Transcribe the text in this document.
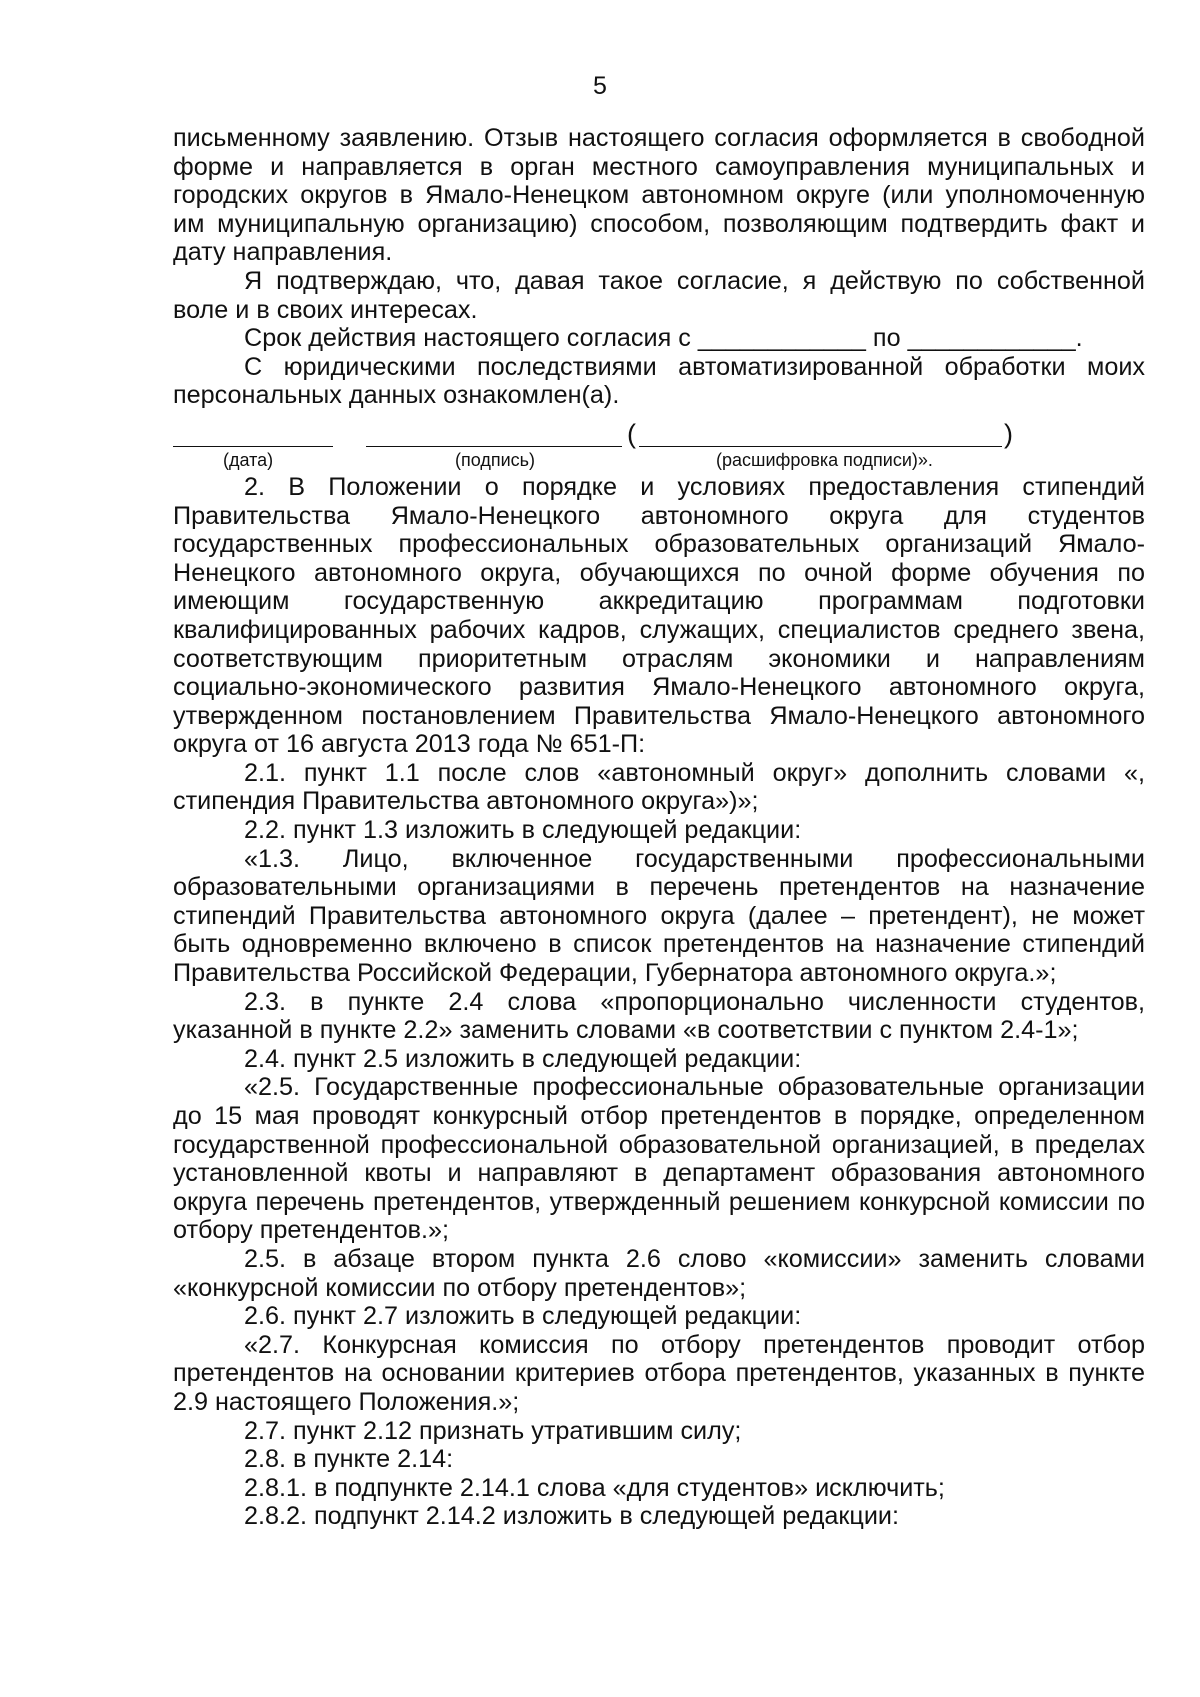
5

письменному заявлению. Отзыв настоящего согласия оформляется в свободной форме и направляется в орган местного самоуправления муниципальных и городских округов в Ямало-Ненецком автономном округе (или уполномоченную им муниципальную организацию) способом, позволяющим подтвердить факт и дату направления.

Я подтверждаю, что, давая такое согласие, я действую по собственной воле и в своих интересах.

Срок действия настоящего согласия с ____________ по ____________.

С юридическими последствиями автоматизированной обработки моих персональных данных ознакомлен(а).

(	)
(дата)	(подпись)	(расшифровка подписи)».

2. В Положении о порядке и условиях предоставления стипендий Правительства Ямало-Ненецкого автономного округа для студентов государственных профессиональных образовательных организаций Ямало-Ненецкого автономного округа, обучающихся по очной форме обучения по имеющим государственную аккредитацию программам подготовки квалифицированных рабочих кадров, служащих, специалистов среднего звена, соответствующим приоритетным отраслям экономики и направлениям социально-экономического развития Ямало-Ненецкого автономного округа, утвержденном постановлением Правительства Ямало-Ненецкого автономного округа от 16 августа 2013 года № 651-П:

2.1. пункт 1.1 после слов «автономный округ» дополнить словами «, стипендия Правительства автономного округа»)»;

2.2. пункт 1.3 изложить в следующей редакции:

«1.3. Лицо, включенное государственными профессиональными образовательными организациями в перечень претендентов на назначение стипендий Правительства автономного округа (далее – претендент), не может быть одновременно включено в список претендентов на назначение стипендий Правительства Российской Федерации, Губернатора автономного округа.»;

2.3. в пункте 2.4 слова «пропорционально численности студентов, указанной в пункте 2.2» заменить словами «в соответствии с пунктом 2.4-1»;

2.4. пункт 2.5 изложить в следующей редакции:

«2.5. Государственные профессиональные образовательные организации до 15 мая проводят конкурсный отбор претендентов в порядке, определенном государственной профессиональной образовательной организацией, в пределах установленной квоты и направляют в департамент образования автономного округа перечень претендентов, утвержденный решением конкурсной комиссии по отбору претендентов.»;

2.5. в абзаце втором пункта 2.6 слово «комиссии» заменить словами «конкурсной комиссии по отбору претендентов»;

2.6. пункт 2.7 изложить в следующей редакции:

«2.7. Конкурсная комиссия по отбору претендентов проводит отбор претендентов на основании критериев отбора претендентов, указанных в пункте 2.9 настоящего Положения.»;

2.7. пункт 2.12 признать утратившим силу;

2.8. в пункте 2.14:

2.8.1. в подпункте 2.14.1 слова «для студентов» исключить;

2.8.2. подпункт 2.14.2 изложить в следующей редакции:
